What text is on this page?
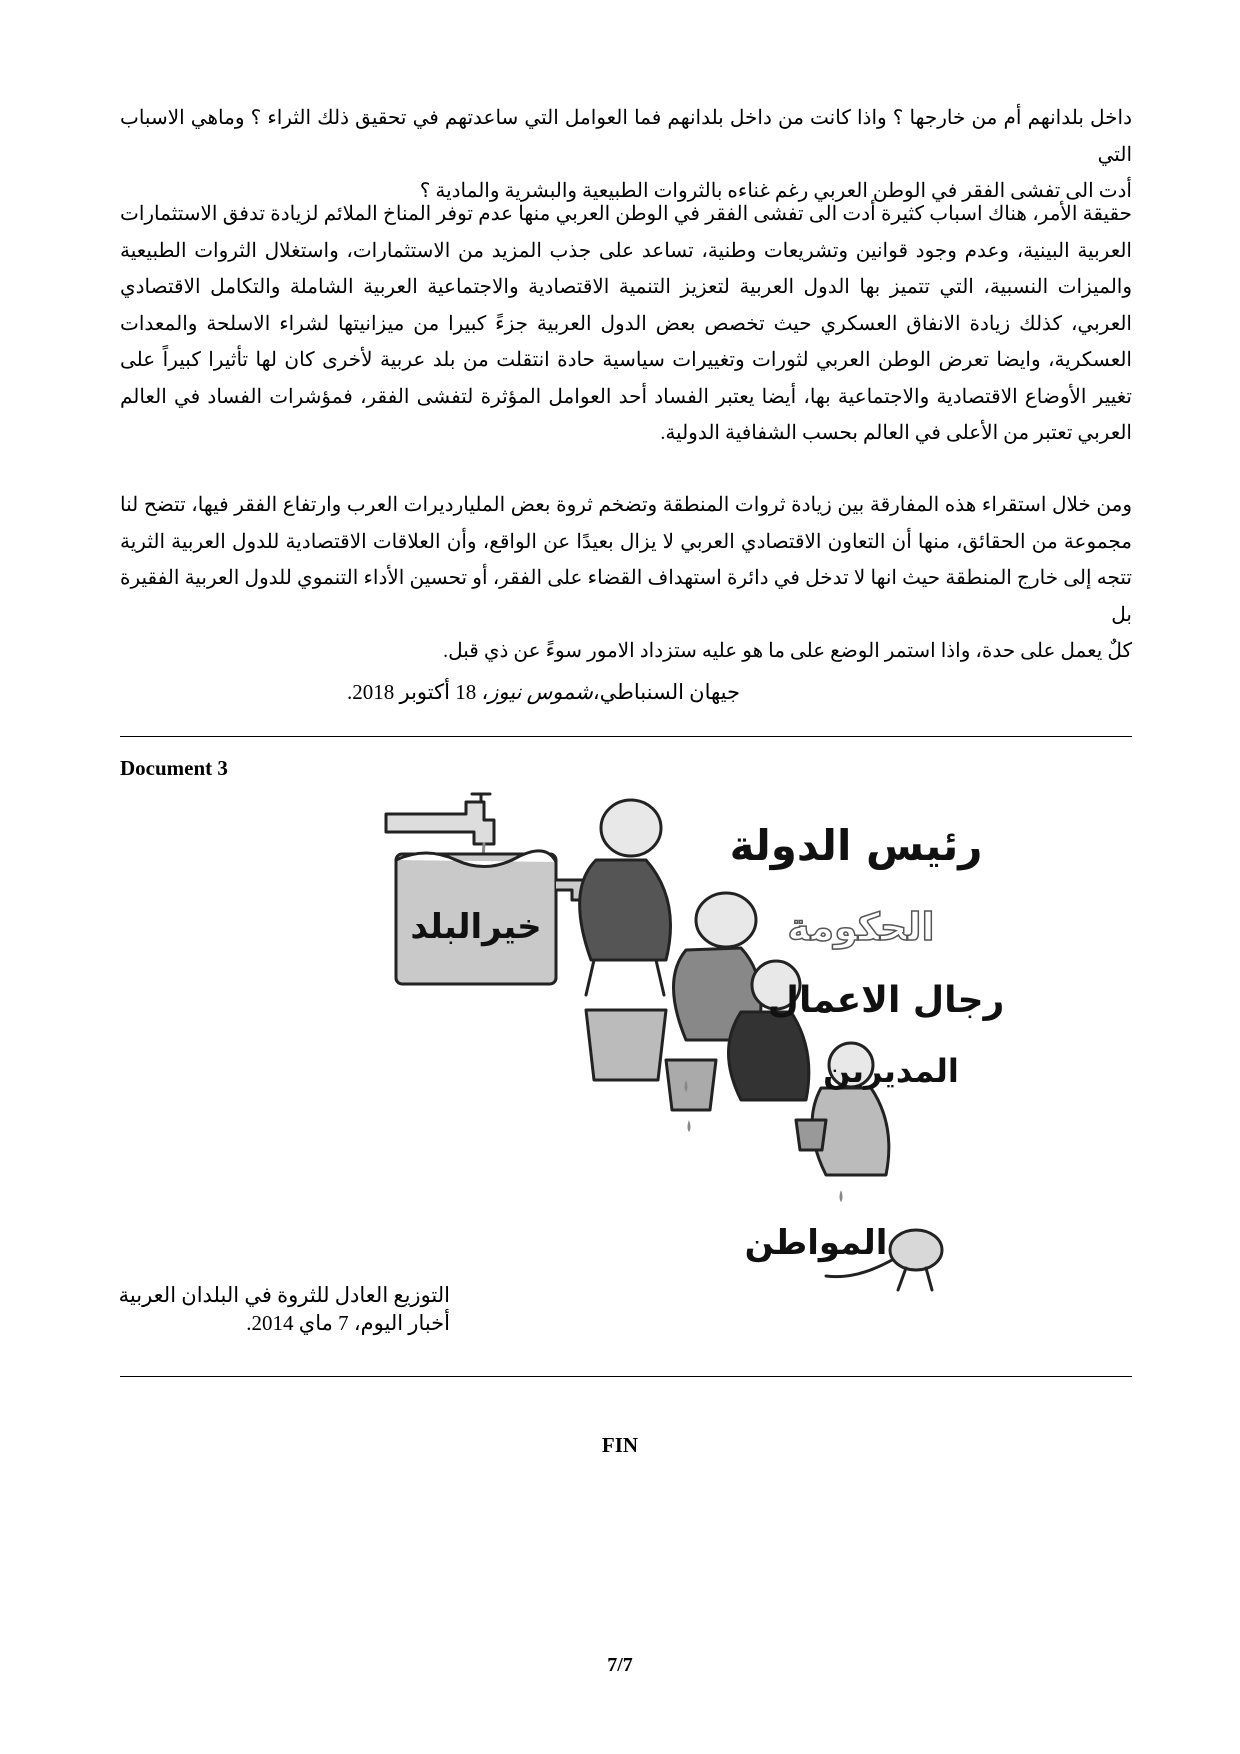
داخل بلدانهم أم من خارجها ؟ واذا كانت من داخل بلدانهم فما العوامل التي ساعدتهم في تحقيق ذلك الثراء ؟ وماهي الاسباب التي
أدت الى تفشى الفقر في الوطن العربي رغم غناءه بالثروات الطبيعية والبشرية والمادية ؟
حقيقة الأمر، هناك اسباب كثيرة أدت الى تفشى الفقر في الوطن العربي منها عدم توفر المناخ الملائم لزيادة تدفق الاستثمارات
العربية البينية، وعدم وجود قوانين وتشريعات وطنية، تساعد على جذب المزيد من الاستثمارات، واستغلال الثروات الطبيعية
والميزات النسبية، التي تتميز بها الدول العربية لتعزيز التنمية الاقتصادية والاجتماعية العربية الشاملة والتكامل الاقتصادي
العربي، كذلك زيادة الانفاق العسكري حيث تخصص بعض الدول العربية جزءً كبيرا من ميزانيتها لشراء الاسلحة والمعدات
العسكرية، وايضا تعرض الوطن العربي لثورات وتغييرات سياسية حادة انتقلت من بلد عربية لأخرى كان لها تأثيرا كبيراً على
تغيير الأوضاع الاقتصادية والاجتماعية بها، أيضا يعتبر الفساد أحد العوامل المؤثرة لتفشى الفقر، فمؤشرات الفساد في العالم
العربي تعتبر من الأعلى في العالم بحسب الشفافية الدولية.
ومن خلال استقراء هذه المفارقة بين زيادة ثروات المنطقة وتضخم ثروة بعض المليارديرات العرب وارتفاع الفقر فيها، تتضح لنا
مجموعة من الحقائق، منها أن التعاون الاقتصادي العربي لا يزال بعيدًا عن الواقع، وأن العلاقات الاقتصادية للدول العربية الثرية
تتجه إلى خارج المنطقة حيث انها لا تدخل في دائرة استهداف القضاء على الفقر، أو تحسين الأداء التنموي للدول العربية الفقيرة بل
كلٌ يعمل على حدة، واذا استمر الوضع على ما هو عليه ستزداد الامور سوءً عن ذي قبل.
جيهان السنباطي،شموس نيوز، 18 أكتوبر 2018.
Document 3
خيرالبلد
رئيس الدولة
الحكومة
رجال الاعمال
المديرين
المواطن
التوزيع العادل للثروة في البلدان العربية
أخبار اليوم، 7 ماي 2014.
FIN
7/7
